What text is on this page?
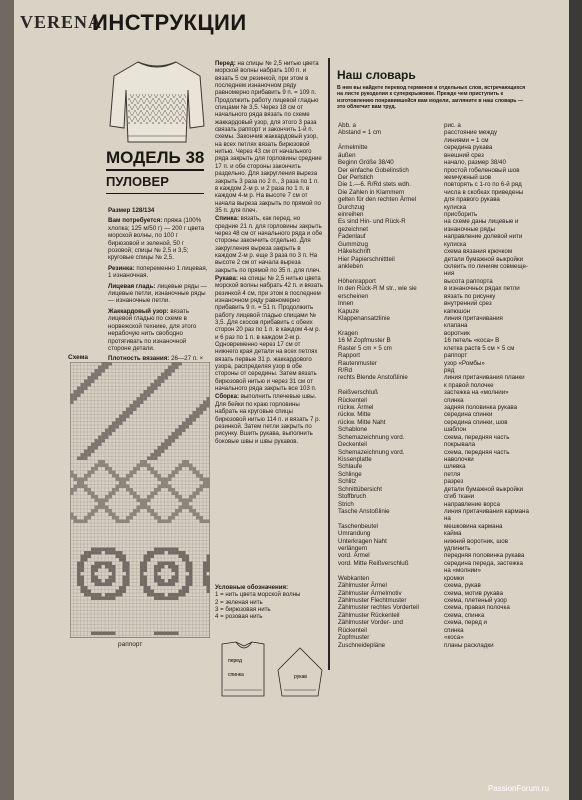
VERENA
ИНСТРУКЦИИ
МОДЕЛЬ 38
ПУЛОВЕР

Размер 128/134

Вам потребуется: пряжа (100% хлопка; 125 м/50 г) — 200 г цвета морской волны, по 100 г бирюзовой и зеленой, 50 г розовой; спицы № 2,5 и 3,5; круговые спицы № 2,5.

Резинка: попеременно 1 лицевая, 1 изнаночная.

Лицевая гладь: лицевые ряды — лицевые петли, изнаночные ряды — изнаночные петли.

Жаккардовый узор: вязать лицевой гладью по схеме в норвежской технике, для этого нерабочую нить свободно протягивать по изнаночной стороне детали.

Плотность вязания: 26—27 п. ×

Схема
раппорт

Перед: на спицы № 2,5 нитью цвета морской волны набрать 100 п. и вязать 5 см резинкой, при этом в последнем изнаночном ряду равномерно прибавить 9 п. = 109 п. Продолжить работу лицевой гладью спицами № 3,5. Через 18 см от начального ряда вязать по схеме жаккардовый узор, для этого 3 раза связать раппорт и закончить 1-й п. схемы. Закончив жаккардовый узор, на всех петлях вязать бирюзовой нитью. Через 43 см от начального ряда закрыть для горловины средние 17 п. и обе стороны закончить раздельно. Для закругления выреза закрыть 3 раза по 2 п., 3 раза по 1 п. в каждом 2-м р. и 2 раза по 1 п. в каждом 4-м р. На высоте 7 см от начала выреза закрыть по прямой по 35 п. для плеч.

Спинка: вязать, как перед, но средние 21 п. для горловины закрыть через 48 см от начального ряда и обе стороны закончить отдельно. Для закругления выреза закрыть в каждом 2-м р. еще 3 раза по 3 п. На высоте 2 см от начала выреза закрыть по прямой по 35 п. для плеч.

Рукава: на спицы № 2,5 нитью цвета морской волны набрать 42 п. и вязать резинкой 4 см, при этом в последнем изнаночном ряду равномерно прибавить 9 п. = 51 п. Продолжить работу лицевой гладью спицами № 3,5. Для скосов прибавить с обеих сторон 20 раз по 1 п. в каждом 4-м р. и 6 раз по 1 п. в каждом 2-м р. Одновременно через 17 см от нижнего края детали на всех петлях вязать первые 31 р. жаккардового узора, распределяя узор в обе стороны от середины. Затем вязать бирюзовой нитью и через 31 см от начального ряда закрыть все 103 п.

Сборка: выполнить плечевые швы. Для бейки по краю горловины набрать на круговые спицы бирюзовой нитью 114 п. и вязать 7 р. резинкой. Затем петли закрыть по рисунку. Вшить рукава, выполнить боковые швы и швы рукавов.

Условные обозначения:
1 = нить цвета морской волны
2 = зеленая нить
3 = бирюзовая нить
4 = розовая нить
перед
спинка	рукав
Наш словарь
В нем вы найдете перевод терминов и отдельных слов, встречающихся на листе рукоделия к суперкрыжовке. Прежде чем приступить к изготовлению понравившейся вам модели, загляните в наш словарь — это облегчит вам труд.
Abb. a	рис. a
Abstand = 1 cm	расстояние между
линиями = 1 см
Ärmelmitte	середина рукава
äußen	внешний срез
Beginn Größe 38/40	начало, размер 38/40
Der einfache Gobelinstich	простой гобеленовый шов
Der Perlstich	жемчужный шов
Die 1.—6. R/Rd stets wdh.	повторять с 1-го по 6-й ряд
Die Zahlen in Klammern	числа в скобках приведены
gelten für den rechten Ärmel	для правого рукава
Durchzug	кулиска
einreihen	присборить
Es sind Hin- und Rück-R	на схеме даны лицевые и
gezeichnet	изнаночные ряды
Fadenlauf	направление долевой нити
Gummizug	кулиска
Häkelschrift	схема вязания крючком
Hier Papierschnittteil	детали бумажной выкройки
ankleben	склеить по линиям совмеще-
ния
Höhenrapport	высота раппорта
In den Rück-R M str., wie sie	в изнаночных рядах петли
erscheinen	вязать по рисунку
Innen	внутренний срез
Kapuze	капюшон
Klappenansatzlinie	линия притачивания
клапана
Kragen	воротник
16 M Zopfmuster B	16 петель «коса» B
Raster 5 cm × 5 cm	клетка раств 5 см × 5 см
Rapport	раппорт
Rautenmuster	узор «Ромбы»
R/Rd	ряд
rechts Blende Anstoßlinie	линия притачивания планки
к правой полочке
Reißverschluß	застежка на «молнии»
Rückenteil	спинка
rückw. Ärmel	задняя половинка рукава
rückw. Mitte	середина спинки
rückw. Mitte Naht	середина спинки, шов
Schablone	шаблон
Schemazeichnung vord.	схема, передняя часть
Deckenteil	покрывала
Schemazeichnung vord.	схема, передняя часть
Kissenplatte	наволочки
Schlaufe	шлевка
Schlinge	петля
Schlitz	разрез
Schnittübersicht	детали бумажной выкройки
Stoffbruch	сгиб ткани
Strich	направление ворса
Tasche Anstoßlinie	линия притачивания кармана
на
Taschenbeutel	мешковина кармана
Umrandung	кайма
Unterkragen Naht	нижний воротник, шов
verlängern	удлинить
vord. Ärmel	передняя половинка рукава
vord. Mitte Reißverschluß	середина переда, застежка
на «молнии»
Webkanten	кромки
Zählmuster Ärmel	схема, рукав
Zählmuster Ärmelmotiv	схема, мотив рукава
Zählmuster Flechtmuster	схема, плетеный узор
Zählmuster rechtes Vorderteil	схема, правая полочка
Zählmuster Rückenteil	схема, спинка
Zählmuster Vorder- und	схема, перед и
Rückenteil	спинка
Zopfmuster	«коса»
Zuschneidepläne	планы раскладки
PassionForum.ru
